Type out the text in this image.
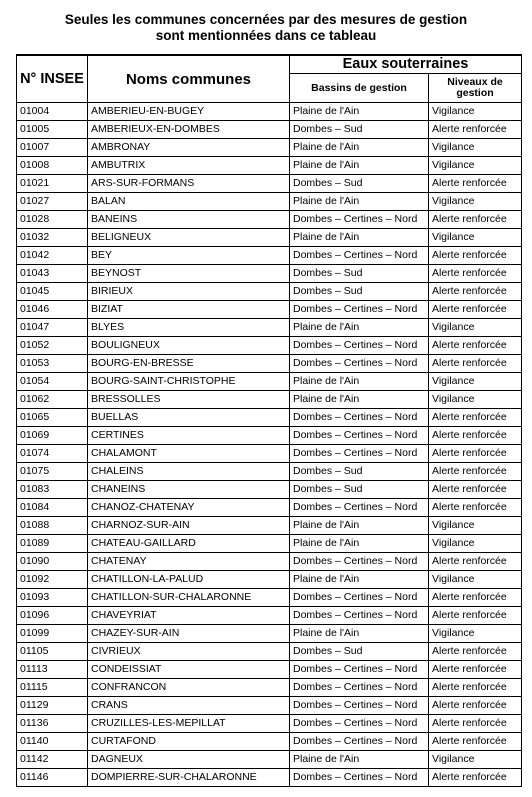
Seules les communes concernées par des mesures de gestion
sont mentionnées dans ce tableau
N° INSEE	Noms communes	Eaux souterraines	
		Bassins de gestion	Niveaux de gestion
01004	AMBERIEU-EN-BUGEY	Plaine de l'Ain	Vigilance
01005	AMBERIEUX-EN-DOMBES	Dombes – Sud	Alerte renforcée
01007	AMBRONAY	Plaine de l'Ain	Vigilance
01008	AMBUTRIX	Plaine de l'Ain	Vigilance
01021	ARS-SUR-FORMANS	Dombes – Sud	Alerte renforcée
01027	BALAN	Plaine de l'Ain	Vigilance
01028	BANEINS	Dombes – Certines – Nord	Alerte renforcée
01032	BELIGNEUX	Plaine de l'Ain	Vigilance
01042	BEY	Dombes – Certines – Nord	Alerte renforcée
01043	BEYNOST	Dombes – Sud	Alerte renforcée
01045	BIRIEUX	Dombes – Sud	Alerte renforcée
01046	BIZIAT	Dombes – Certines – Nord	Alerte renforcée
01047	BLYES	Plaine de l'Ain	Vigilance
01052	BOULIGNEUX	Dombes – Certines – Nord	Alerte renforcée
01053	BOURG-EN-BRESSE	Dombes – Certines – Nord	Alerte renforcée
01054	BOURG-SAINT-CHRISTOPHE	Plaine de l'Ain	Vigilance
01062	BRESSOLLES	Plaine de l'Ain	Vigilance
01065	BUELLAS	Dombes – Certines – Nord	Alerte renforcée
01069	CERTINES	Dombes – Certines – Nord	Alerte renforcée
01074	CHALAMONT	Dombes – Certines – Nord	Alerte renforcée
01075	CHALEINS	Dombes – Sud	Alerte renforcée
01083	CHANEINS	Dombes – Sud	Alerte renforcée
01084	CHANOZ-CHATENAY	Dombes – Certines – Nord	Alerte renforcée
01088	CHARNOZ-SUR-AIN	Plaine de l'Ain	Vigilance
01089	CHATEAU-GAILLARD	Plaine de l'Ain	Vigilance
01090	CHATENAY	Dombes – Certines – Nord	Alerte renforcée
01092	CHATILLON-LA-PALUD	Plaine de l'Ain	Vigilance
01093	CHATILLON-SUR-CHALARONNE	Dombes – Certines – Nord	Alerte renforcée
01096	CHAVEYRIAT	Dombes – Certines – Nord	Alerte renforcée
01099	CHAZEY-SUR-AIN	Plaine de l'Ain	Vigilance
01105	CIVRIEUX	Dombes – Sud	Alerte renforcée
01113	CONDEISSIAT	Dombes – Certines – Nord	Alerte renforcée
01115	CONFRANCON	Dombes – Certines – Nord	Alerte renforcée
01129	CRANS	Dombes – Certines – Nord	Alerte renforcée
01136	CRUZILLES-LES-MEPILLAT	Dombes – Certines – Nord	Alerte renforcée
01140	CURTAFOND	Dombes – Certines – Nord	Alerte renforcée
01142	DAGNEUX	Plaine de l'Ain	Vigilance
01146	DOMPIERRE-SUR-CHALARONNE	Dombes – Certines – Nord	Alerte renforcée
